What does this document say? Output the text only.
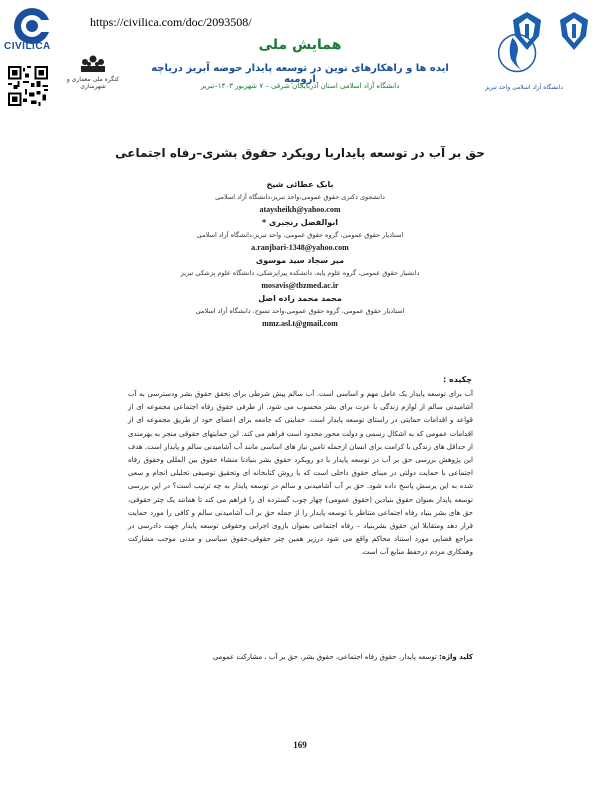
CIVILICA
https://civilica.com/doc/2093508/
کنگره ملی معماری و شهرسازی	دانشگاه آزاد اسلامی واحد تبریز
همایش ملی
ایده ها و راهکارهای نوین در توسعه پایدار حوضه آبریز دریاچه ارومیه
دانشگاه آزاد اسلامی استان آذربایجان شرقی – ۷ شهریور ۱۴۰۳–تبریز
حق بر آب در توسعه پایداربا رویکرد حقوق بشری–رفاه اجتماعی
بابک عطائی شیخ
دانشجوی دکتری حقوق عمومی،واحد تبریز،دانشگاه آزاد اسلامی
ataysheikh@yahoo.com
ابوالفضل رنجبری *
استادیار حقوق عمومی، گروه حقوق عمومی، واحد تبریز،دانشگاه آزاد اسلامی
a.ranjbari-1348@yahoo.com
میر سجاد سید موسوی
دانشیار حقوق عمومی، گروه علوم پایه، دانشکده پیراپزشکی، دانشگاه علوم پزشکی تبریز
mosavis@tbzmed.ac.ir
محمد محمد زاده اصل
استادیار حقوق عمومی، گروه حقوق عمومی،واحد تسوج، دانشگاه آزاد اسلامی
mmz.asl.t@gmail.com
چکیده :
آب برای توسعه پایدار یک عامل مهم و اساسی است. آب سالم پیش شرطی برای تحقق حقوق بشر ودسترسی به آب آشامیدنی سالم از لوازم زندگی با عزت برای بشر محسوب می شود. از طرفی حقوق رفاه اجتماعی مجموعه ای از قواعد و اقدامات حمایتی در راستای توسعه پایدار است. حمایتی که جامعه برای اعضای خود از طریق مجموعه ای از اقدامات عمومی که به اشکال رسمی و دولت محور محدود است فراهم می کند. این حمایتهای حقوقی منجر به بهرمندی از حداقل های زندگی با کرامت برای انسان ازجمله تامین نیاز های اساسی مانند آب آشامیدنی سالم و پایدار است. هدف این پژوهش بررسی حق بر آب در توسعه پایدار با دو رویکرد حقوق بشر بنیادنا منشاء حقوق بین المللی وحقوق رفاه اجتماعی با حمایت دولتی در مبنای حقوق داخلی است که با روش کتابخانه ای وتحقیق توصیفی تحلیلی انجام و سعی شده به این پرسش پاسخ داده شود. حق بر آب آشامیدنی و سالم در توسعه پایدار به چه ترتیب است؟ در این بررسی توسعه پایدار بعنوان حقوق بنیادین (حقوق عمومی) چهار چوب گسترده ای را فراهم می کند تا همانند یک چتر حقوقی، حق های بشر بنیاد رفاه اجتماعی متناظر با توسعه پایدار را از جمله حق بر آب آشامیدنی سالم و کافی را مورد حمایت قرار دهد ومتقابلا این حقوق بشربنیاد – رفاه اجتماعی بعنوان بازوی اجرایی وحقوقی توسعه پایدار جهت دادرسی در مراجع قضایی مورد استناد محاکم واقع می شود درزیر همین چتر حقوقی،حقوق سیاسی و مدنی موجب مشارکت وهمکاری مردم درحفظ منابع آب است.
کلید واژه: توسعه پایدار، حقوق رفاه اجتماعی، حقوق بشر، حق بر آب ، مشارکت عمومی
169
